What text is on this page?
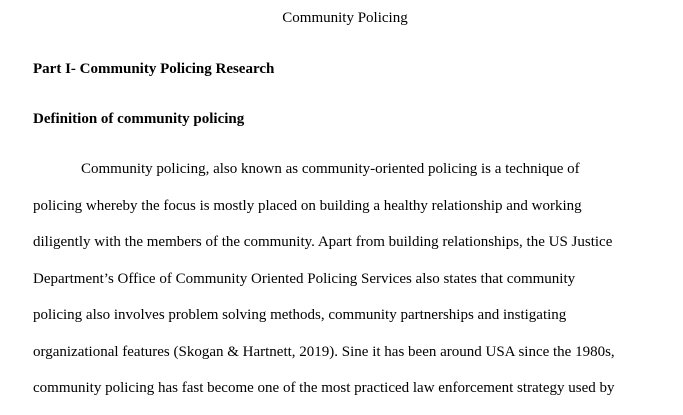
Community Policing
Part I- Community Policing Research
Definition of community policing
Community policing, also known as community-oriented policing is a technique of
policing whereby the focus is mostly placed on building a healthy relationship and working
diligently with the members of the community. Apart from building relationships, the US Justice
Department’s Office of Community Oriented Policing Services also states that community
policing also involves problem solving methods, community partnerships and instigating
organizational features (Skogan & Hartnett, 2019). Sine it has been around USA since the 1980s,
community policing has fast become one of the most practiced law enforcement strategy used by
